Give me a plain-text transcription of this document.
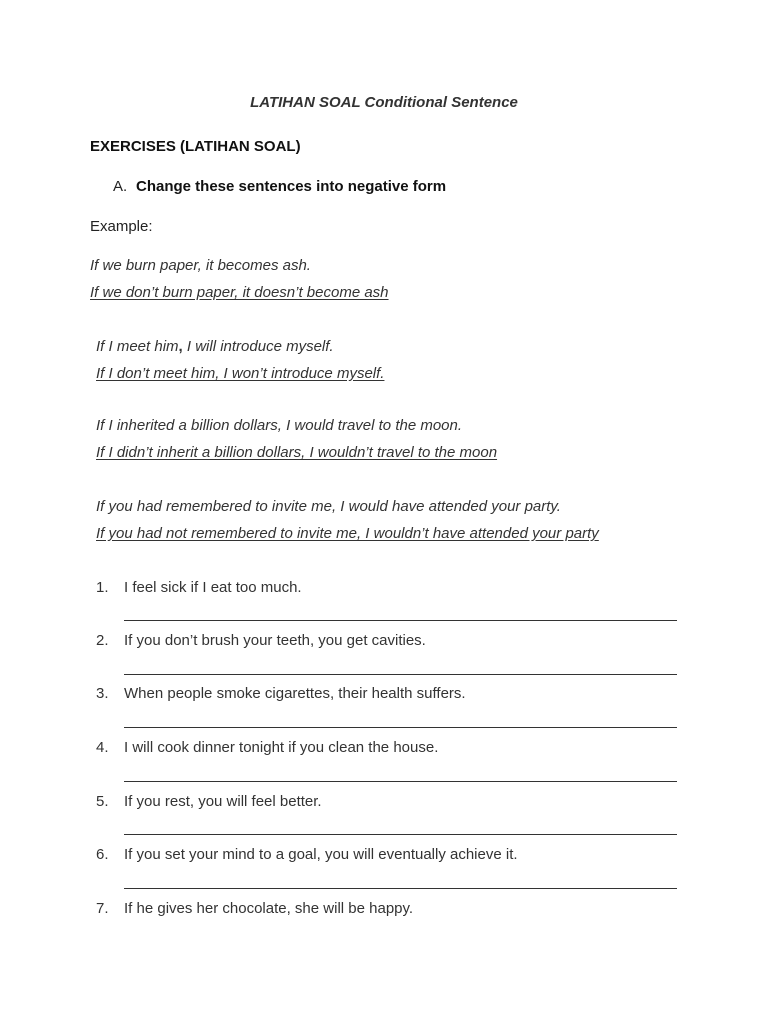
LATIHAN SOAL Conditional Sentence
EXERCISES (LATIHAN SOAL)
A. Change these sentences into negative form
Example:
If we burn paper, it becomes ash.
If we don’t burn paper, it doesn’t become ash
If I meet him, I will introduce myself.
If I don’t meet him, I won’t introduce myself.
If I inherited a billion dollars, I would travel to the moon.
If I didn’t inherit a billion dollars, I wouldn’t travel to the moon
If you had remembered to invite me, I would have attended your party.
If you had not remembered to invite me, I wouldn’t have attended your party
1. I feel sick if I eat too much.
2. If you don’t brush your teeth, you get cavities.
3. When people smoke cigarettes, their health suffers.
4. I will cook dinner tonight if you clean the house.
5. If you rest, you will feel better.
6. If you set your mind to a goal, you will eventually achieve it.
7. If he gives her chocolate, she will be happy.
